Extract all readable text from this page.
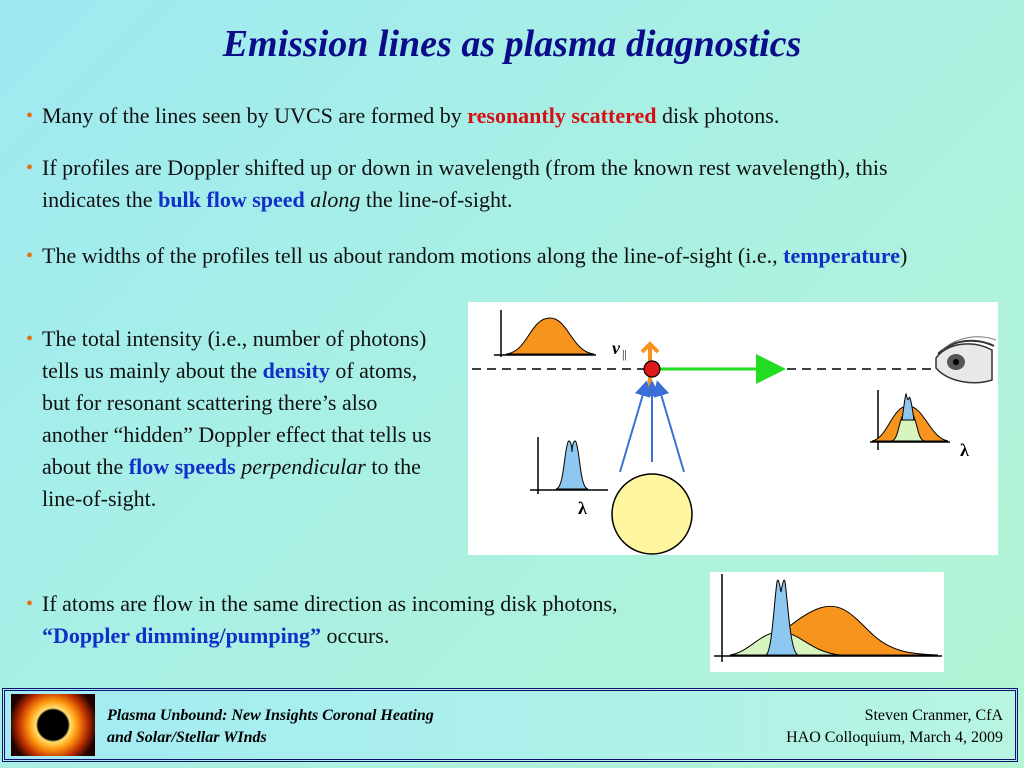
Emission lines as plasma diagnostics
• Many of the lines seen by UVCS are formed by resonantly scattered disk photons.
• If profiles are Doppler shifted up or down in wavelength (from the known rest wavelength), this indicates the bulk flow speed along the line-of-sight.
• The widths of the profiles tell us about random motions along the line-of-sight (i.e., temperature)
• The total intensity (i.e., number of photons) tells us mainly about the density of atoms, but for resonant scattering there’s also another “hidden” Doppler effect that tells us about the flow speeds perpendicular to the line-of-sight.
• If atoms are flow in the same direction as incoming disk photons, “Doppler dimming/pumping” occurs.
v ||
λ
λ
Plasma Unbound: New Insights Coronal Heating
and Solar/Stellar WInds
Steven Cranmer, CfA
HAO Colloquium, March 4, 2009
